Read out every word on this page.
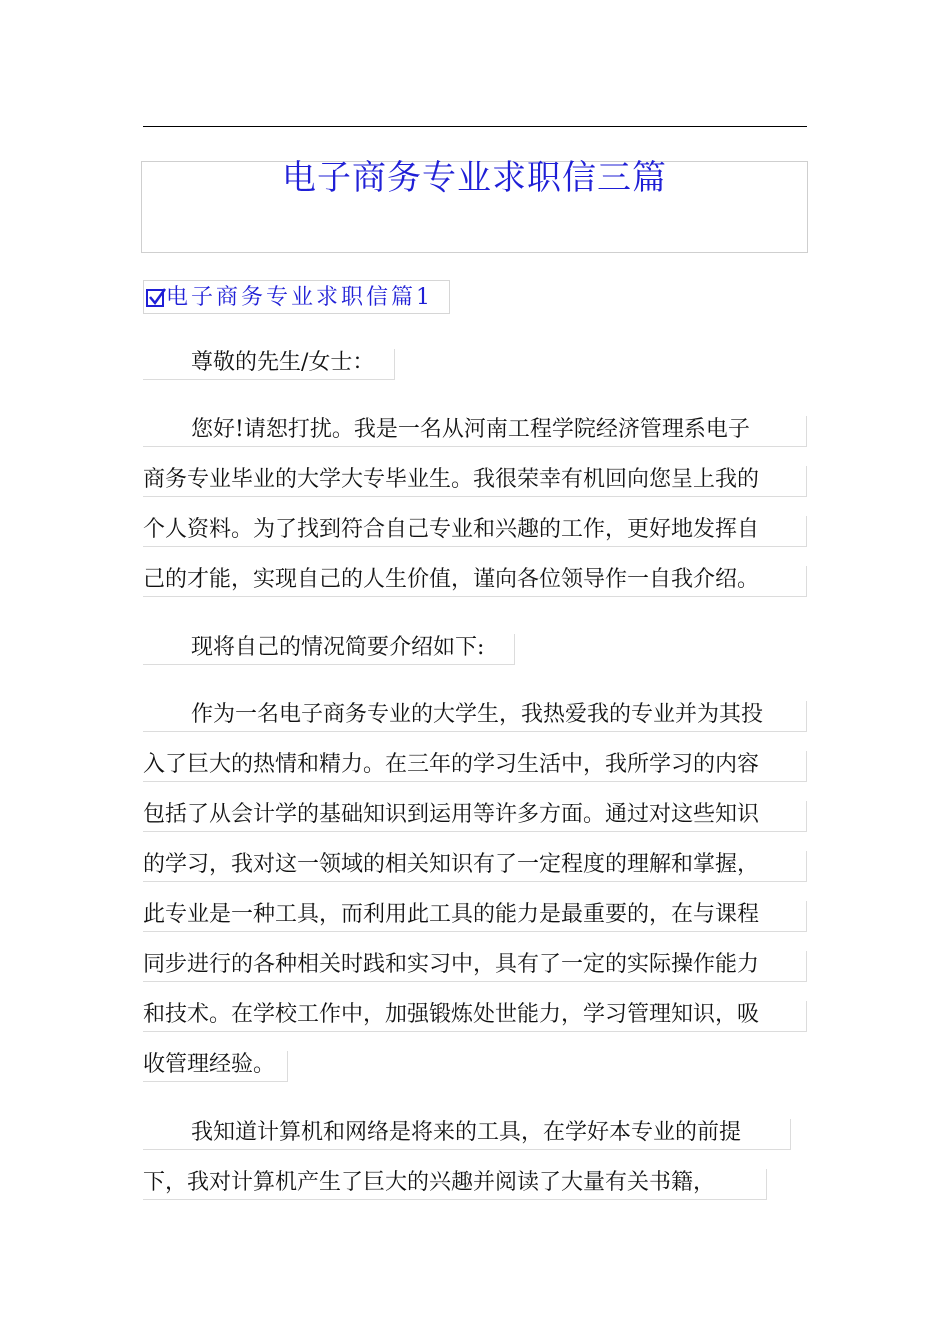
电子商务专业求职信三篇
电子商务专业求职信篇1
尊敬的先生/女士：
您好!请恕打扰。我是一名从河南工程学院经济管理系电子
商务专业毕业的大学大专毕业生。我很荣幸有机回向您呈上我的
个人资料。为了找到符合自己专业和兴趣的工作，更好地发挥自
己的才能，实现自己的人生价值，谨向各位领导作一自我介绍。
现将自己的情况简要介绍如下:
作为一名电子商务专业的大学生，我热爱我的专业并为其投
入了巨大的热情和精力。在三年的学习生活中，我所学习的内容
包括了从会计学的基础知识到运用等许多方面。通过对这些知识
的学习，我对这一领域的相关知识有了一定程度的理解和掌握，
此专业是一种工具，而利用此工具的能力是最重要的，在与课程
同步进行的各种相关时践和实习中，具有了一定的实际操作能力
和技术。在学校工作中，加强锻炼处世能力，学习管理知识，吸
收管理经验。
我知道计算机和网络是将来的工具，在学好本专业的前提
下，我对计算机产生了巨大的兴趣并阅读了大量有关书籍，
